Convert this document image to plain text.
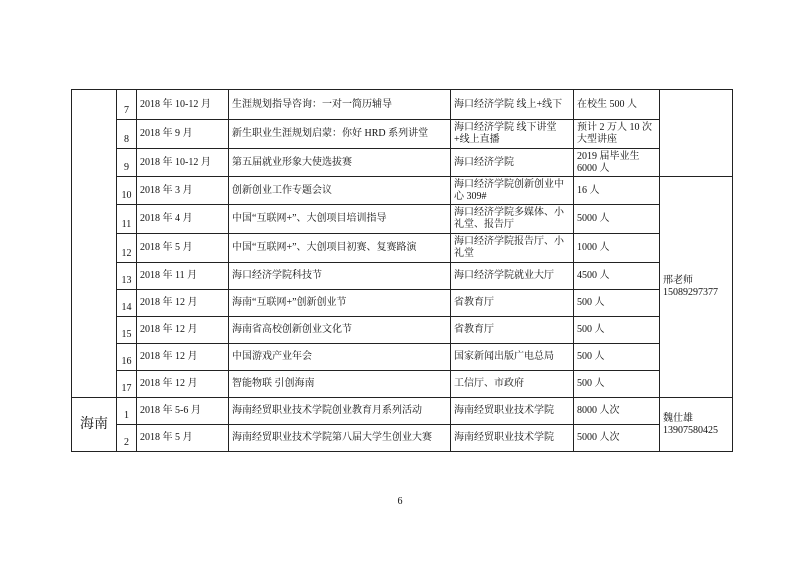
	7	2018 年 10-12 月	生涯规划指导咨询：一对一简历辅导	海口经济学院 线上+线下	在校生 500 人	
	8	2018 年 9 月	新生职业生涯规划启蒙：你好 HRD 系列讲堂	海口经济学院 线下讲堂+线上直播	预计 2 万人 10 次大型讲座	
	9	2018 年 10-12 月	第五届就业形象大使选拔赛	海口经济学院	2019 届毕业生 6000 人	
	10	2018 年 3 月	创新创业工作专题会议	海口经济学院创新创业中心 309#	16 人	邢老师 15089297377
	11	2018 年 4 月	中国“互联网+”、大创项目培训指导	海口经济学院多媒体、小礼堂、报告厅	5000 人	
	12	2018 年 5 月	中国“互联网+”、大创项目初赛、复赛路演	海口经济学院报告厅、小礼堂	1000 人	
	13	2018 年 11 月	海口经济学院科技节	海口经济学院就业大厅	4500 人	
	14	2018 年 12 月	海南“互联网+”创新创业节	省教育厅	500 人	
	15	2018 年 12 月	海南省高校创新创业文化节	省教育厅	500 人	
	16	2018 年 12 月	中国游戏产业年会	国家新闻出版广电总局	500 人	
	17	2018 年 12 月	智能物联 引创海南	工信厅、市政府	500 人	
海南	1	2018 年 5-6 月	海南经贸职业技术学院创业教育月系列活动	海南经贸职业技术学院	8000 人次	魏仕雄 13907580425
	2	2018 年 5 月	海南经贸职业技术学院第八届大学生创业大赛	海南经贸职业技术学院	5000 人次	
6
